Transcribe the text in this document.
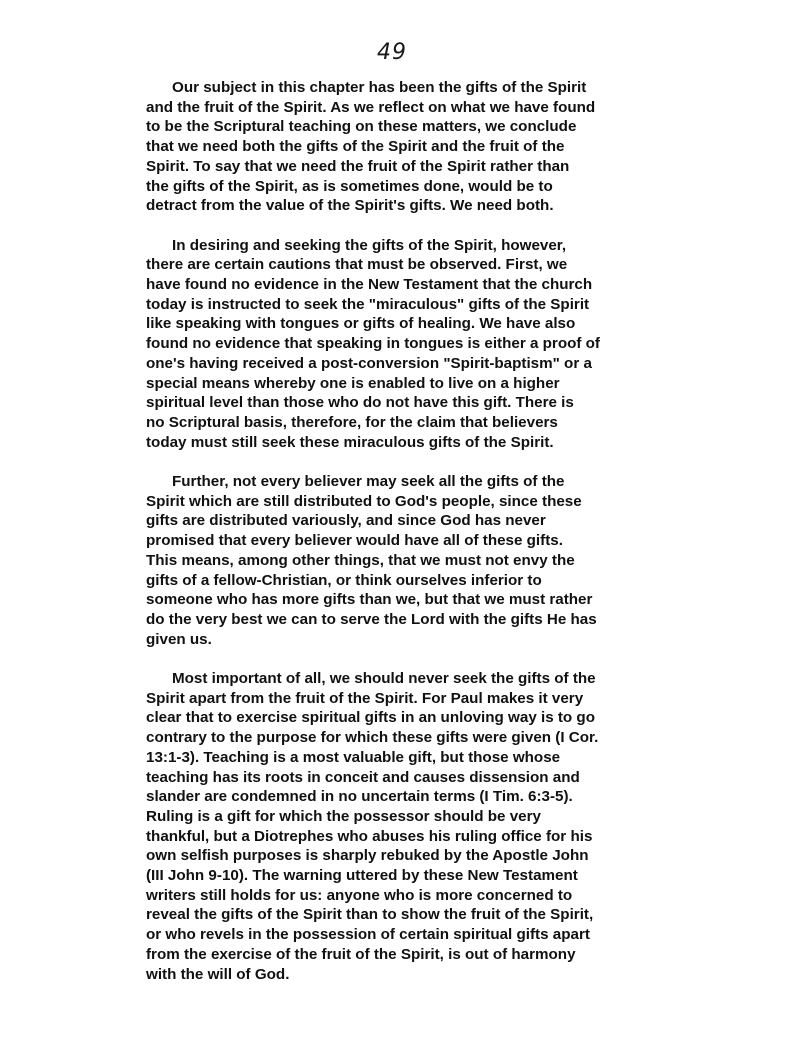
49
Our subject in this chapter has been the gifts of the Spirit
and the fruit of the Spirit. As we reflect on what we have found
to be the Scriptural teaching on these matters, we conclude
that we need both the gifts of the Spirit and the fruit of the
Spirit. To say that we need the fruit of the Spirit rather than
the gifts of the Spirit, as is sometimes done, would be to
detract from the value of the Spirit's gifts. We need both.
In desiring and seeking the gifts of the Spirit, however,
there are certain cautions that must be observed. First, we
have found no evidence in the New Testament that the church
today is instructed to seek the "miraculous" gifts of the Spirit
like speaking with tongues or gifts of healing. We have also
found no evidence that speaking in tongues is either a proof of
one's having received a post-conversion "Spirit-baptism" or a
special means whereby one is enabled to live on a higher
spiritual level than those who do not have this gift. There is
no Scriptural basis, therefore, for the claim that believers
today must still seek these miraculous gifts of the Spirit.
Further, not every believer may seek all the gifts of the
Spirit which are still distributed to God's people, since these
gifts are distributed variously, and since God has never
promised that every believer would have all of these gifts.
This means, among other things, that we must not envy the
gifts of a fellow-Christian, or think ourselves inferior to
someone who has more gifts than we, but that we must rather
do the very best we can to serve the Lord with the gifts He has
given us.
Most important of all, we should never seek the gifts of the
Spirit apart from the fruit of the Spirit. For Paul makes it very
clear that to exercise spiritual gifts in an unloving way is to go
contrary to the purpose for which these gifts were given (I Cor.
13:1-3). Teaching is a most valuable gift, but those whose
teaching has its roots in conceit and causes dissension and
slander are condemned in no uncertain terms (I Tim. 6:3-5).
Ruling is a gift for which the possessor should be very
thankful, but a Diotrephes who abuses his ruling office for his
own selfish purposes is sharply rebuked by the Apostle John
(III John 9-10). The warning uttered by these New Testament
writers still holds for us: anyone who is more concerned to
reveal the gifts of the Spirit than to show the fruit of the Spirit,
or who revels in the possession of certain spiritual gifts apart
from the exercise of the fruit of the Spirit, is out of harmony
with the will of God.
